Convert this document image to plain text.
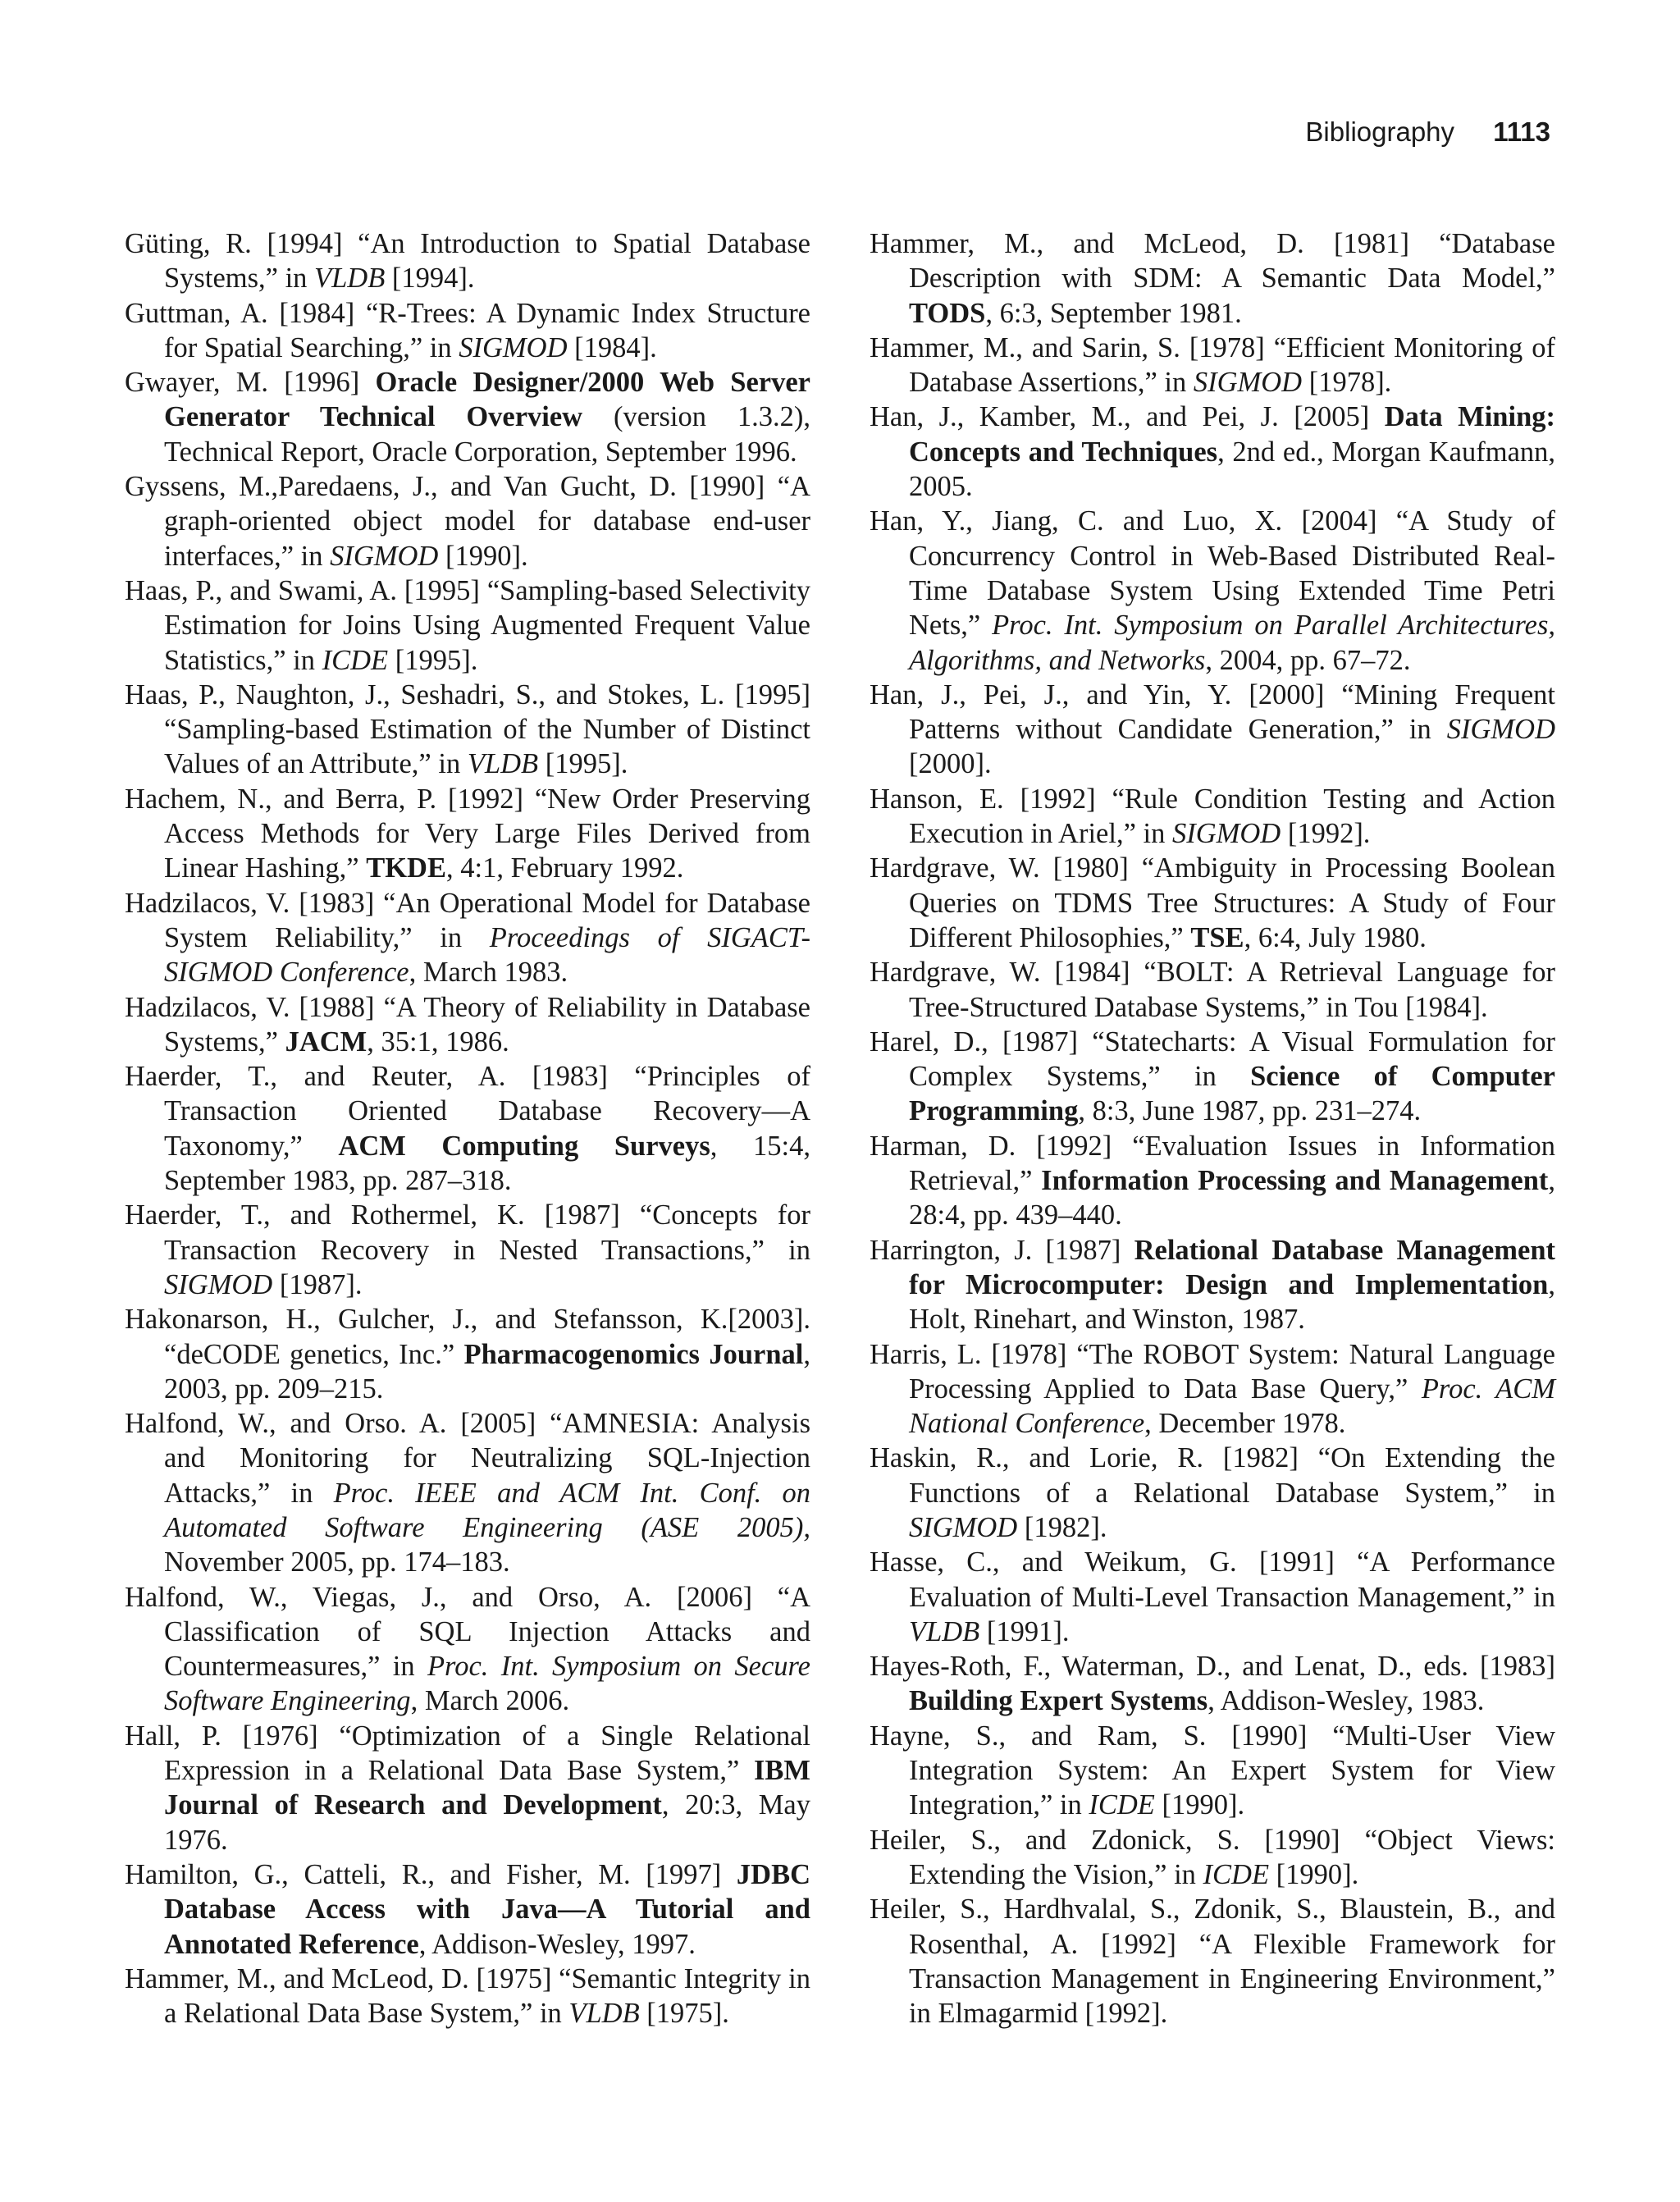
Bibliography 1113

Güting, R. [1994] “An Introduction to Spatial Database Systems,” in VLDB [1994].

Guttman, A. [1984] “R-Trees: A Dynamic Index Structure for Spatial Searching,” in SIGMOD [1984].

Gwayer, M. [1996] Oracle Designer/2000 Web Server Generator Technical Overview (version 1.3.2), Technical Report, Oracle Corporation, September 1996.

Gyssens, M.,Paredaens, J., and Van Gucht, D. [1990] “A graph-oriented object model for database end-user interfaces,” in SIGMOD [1990].

Haas, P., and Swami, A. [1995] “Sampling-based Selectivity Estimation for Joins Using Augmented Frequent Value Statistics,” in ICDE [1995].

Haas, P., Naughton, J., Seshadri, S., and Stokes, L. [1995] “Sampling-based Estimation of the Number of Distinct Values of an Attribute,” in VLDB [1995].

Hachem, N., and Berra, P. [1992] “New Order Preserving Access Methods for Very Large Files Derived from Linear Hashing,” TKDE, 4:1, February 1992.

Hadzilacos, V. [1983] “An Operational Model for Database System Reliability,” in Proceedings of SIGACT-SIGMOD Conference, March 1983.

Hadzilacos, V. [1988] “A Theory of Reliability in Database Systems,” JACM, 35:1, 1986.

Haerder, T., and Reuter, A. [1983] “Principles of Transaction Oriented Database Recovery—A Taxonomy,” ACM Computing Surveys, 15:4, September 1983, pp. 287–318.

Haerder, T., and Rothermel, K. [1987] “Concepts for Transaction Recovery in Nested Transactions,” in SIGMOD [1987].

Hakonarson, H., Gulcher, J., and Stefansson, K.[2003]. “deCODE genetics, Inc.” Pharmacogenomics Journal, 2003, pp. 209–215.

Halfond, W., and Orso. A. [2005] “AMNESIA: Analysis and Monitoring for Neutralizing SQL-Injection Attacks,” in Proc. IEEE and ACM Int. Conf. on Automated Software Engineering (ASE 2005), November 2005, pp. 174–183.

Halfond, W., Viegas, J., and Orso, A. [2006] “A Classification of SQL Injection Attacks and Countermeasures,” in Proc. Int. Symposium on Secure Software Engineering, March 2006.

Hall, P. [1976] “Optimization of a Single Relational Expression in a Relational Data Base System,” IBM Journal of Research and Development, 20:3, May 1976.

Hamilton, G., Catteli, R., and Fisher, M. [1997] JDBC Database Access with Java—A Tutorial and Annotated Reference, Addison-Wesley, 1997.

Hammer, M., and McLeod, D. [1975] “Semantic Integrity in a Relational Data Base System,” in VLDB [1975].

Hammer, M., and McLeod, D. [1981] “Database Description with SDM: A Semantic Data Model,” TODS, 6:3, September 1981.

Hammer, M., and Sarin, S. [1978] “Efficient Monitoring of Database Assertions,” in SIGMOD [1978].

Han, J., Kamber, M., and Pei, J. [2005] Data Mining: Concepts and Techniques, 2nd ed., Morgan Kaufmann, 2005.

Han, Y., Jiang, C. and Luo, X. [2004] “A Study of Concurrency Control in Web-Based Distributed Real-Time Database System Using Extended Time Petri Nets,” Proc. Int. Symposium on Parallel Architectures, Algorithms, and Networks, 2004, pp. 67–72.

Han, J., Pei, J., and Yin, Y. [2000] “Mining Frequent Patterns without Candidate Generation,” in SIGMOD [2000].

Hanson, E. [1992] “Rule Condition Testing and Action Execution in Ariel,” in SIGMOD [1992].

Hardgrave, W. [1980] “Ambiguity in Processing Boolean Queries on TDMS Tree Structures: A Study of Four Different Philosophies,” TSE, 6:4, July 1980.

Hardgrave, W. [1984] “BOLT: A Retrieval Language for Tree-Structured Database Systems,” in Tou [1984].

Harel, D., [1987] “Statecharts: A Visual Formulation for Complex Systems,” in Science of Computer Programming, 8:3, June 1987, pp. 231–274.

Harman, D. [1992] “Evaluation Issues in Information Retrieval,” Information Processing and Management, 28:4, pp. 439–440.

Harrington, J. [1987] Relational Database Management for Microcomputer: Design and Implementation, Holt, Rinehart, and Winston, 1987.

Harris, L. [1978] “The ROBOT System: Natural Language Processing Applied to Data Base Query,” Proc. ACM National Conference, December 1978.

Haskin, R., and Lorie, R. [1982] “On Extending the Functions of a Relational Database System,” in SIGMOD [1982].

Hasse, C., and Weikum, G. [1991] “A Performance Evaluation of Multi-Level Transaction Management,” in VLDB [1991].

Hayes-Roth, F., Waterman, D., and Lenat, D., eds. [1983] Building Expert Systems, Addison-Wesley, 1983.

Hayne, S., and Ram, S. [1990] “Multi-User View Integration System: An Expert System for View Integration,” in ICDE [1990].

Heiler, S., and Zdonick, S. [1990] “Object Views: Extending the Vision,” in ICDE [1990].

Heiler, S., Hardhvalal, S., Zdonik, S., Blaustein, B., and Rosenthal, A. [1992] “A Flexible Framework for Transaction Management in Engineering Environment,” in Elmagarmid [1992].
